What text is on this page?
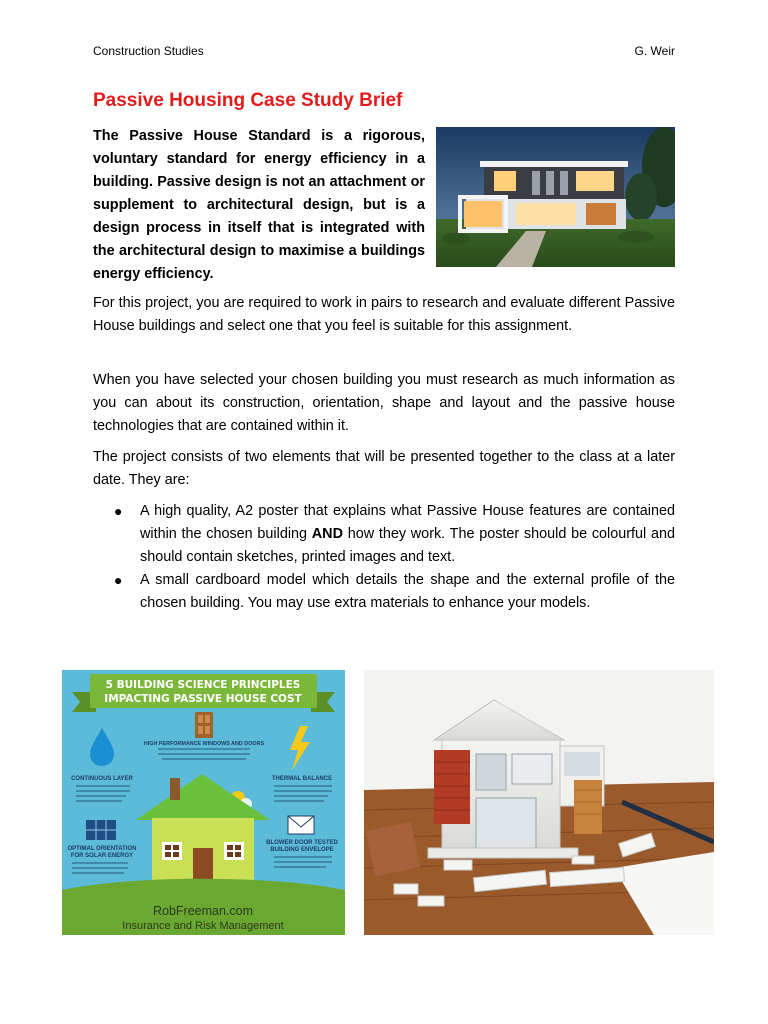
Construction Studies	G. Weir
Passive Housing Case Study Brief

The Passive House Standard is a rigorous, voluntary standard for energy efficiency in a building. Passive design is not an attachment or supplement to architectural design, but is a design process in itself that is integrated with the architectural design to maximise a buildings energy efficiency.

For this project, you are required to work in pairs to research and evaluate different Passive House buildings and select one that you feel is suitable for this assignment.

When you have selected your chosen building you must research as much information as you can about its construction, orientation, shape and layout and the passive house technologies that are contained within it.

The project consists of two elements that will be presented together to the class at a later date. They are:

● A high quality, A2 poster that explains what Passive House features are contained within the chosen building AND how they work. The poster should be colourful and should contain sketches, printed images and text.
● A small cardboard model which details the shape and the external profile of the chosen building. You may use extra materials to enhance your models.
5 BUILDING SCIENCE PRINCIPLES
IMPACTING PASSIVE HOUSE COST
HIGH PERFORMANCE WINDOWS AND DOORS
CONTINUOUS LAYER	THERMAL BALANCE
OPTIMAL ORIENTATION
FOR SOLAR ENERGY
BLOWER DOOR TESTED
BUILDING ENVELOPE
RobFreeman.com
Insurance and Risk Management
